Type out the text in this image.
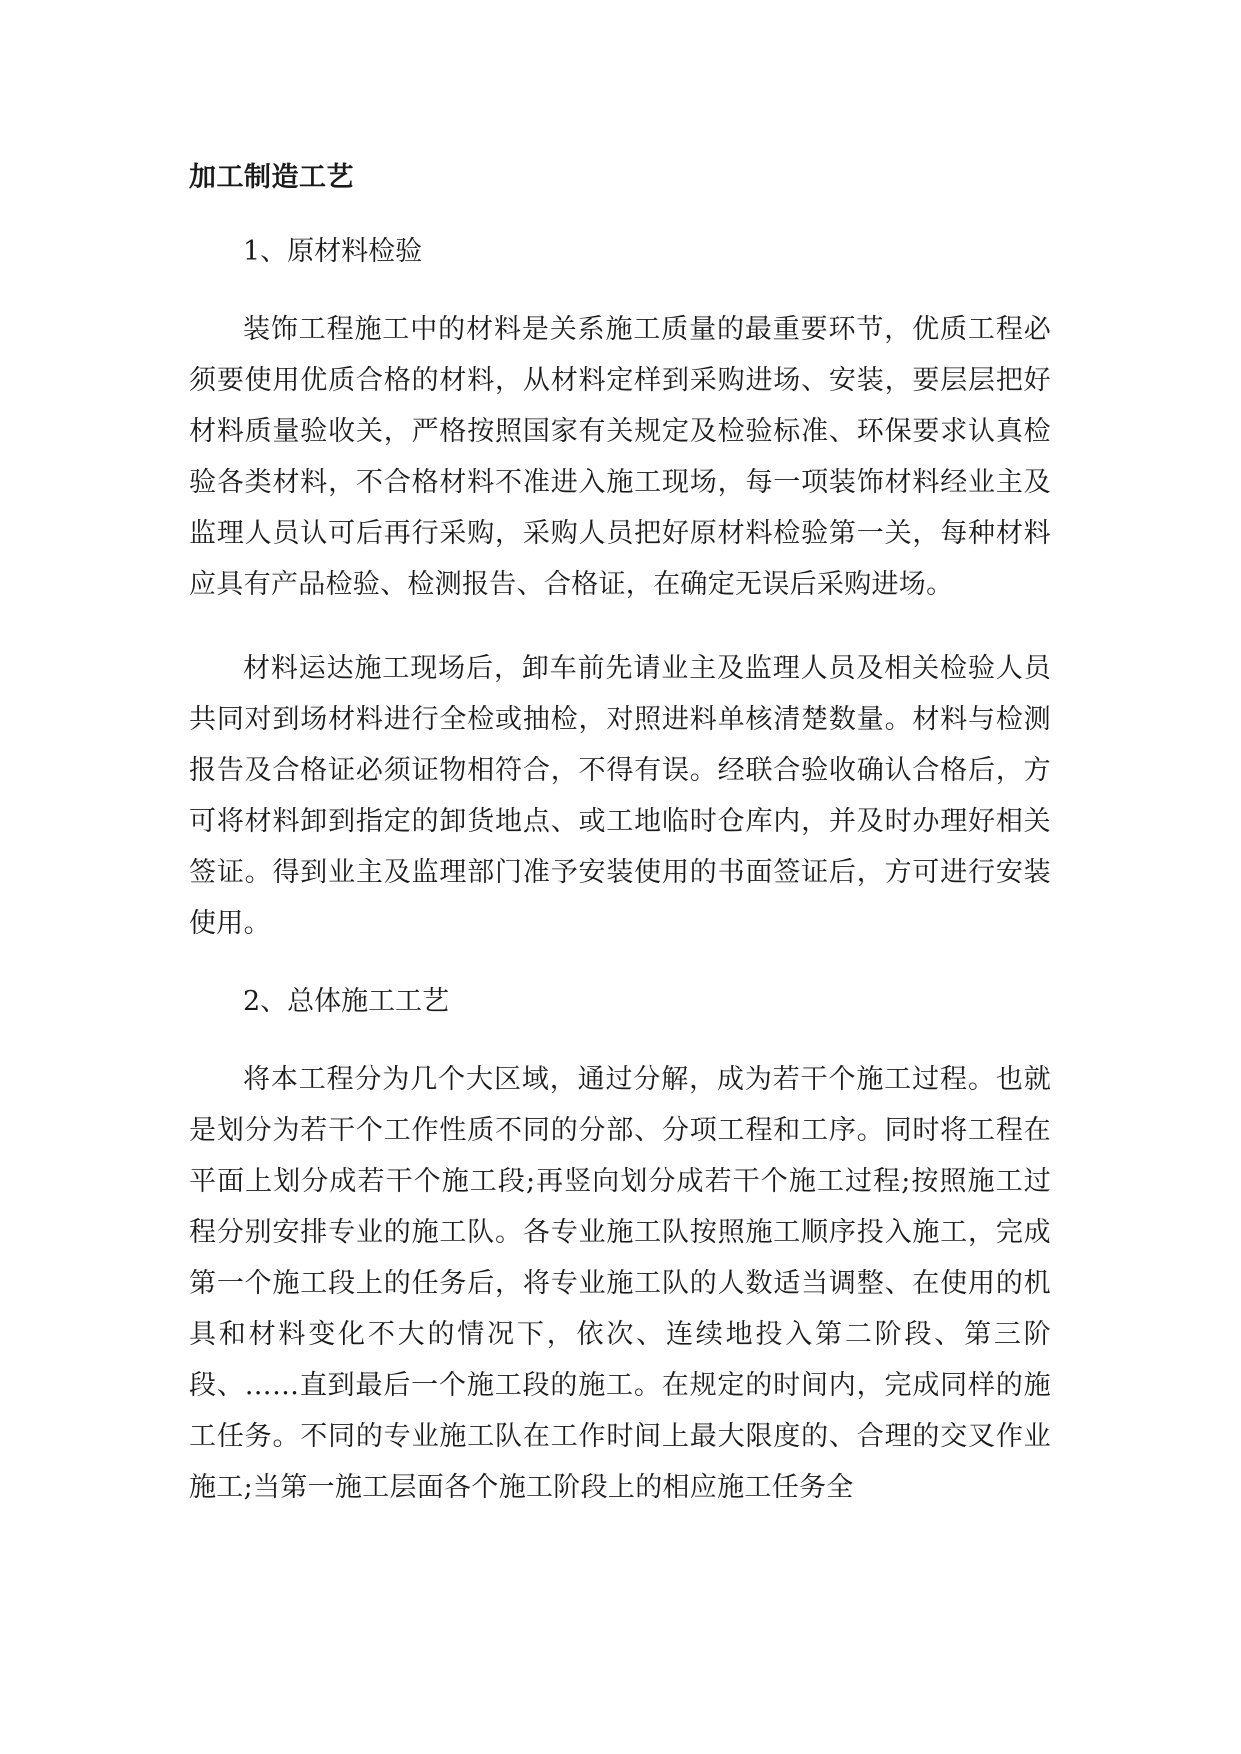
加工制造工艺
1、原材料检验

装饰工程施工中的材料是关系施工质量的最重要环节，优质工程必须要使用优质合格的材料，从材料定样到采购进场、安装，要层层把好材料质量验收关，严格按照国家有关规定及检验标准、环保要求认真检验各类材料，不合格材料不准进入施工现场，每一项装饰材料经业主及监理人员认可后再行采购，采购人员把好原材料检验第一关，每种材料应具有产品检验、检测报告、合格证，在确定无误后采购进场。

材料运达施工现场后，卸车前先请业主及监理人员及相关检验人员共同对到场材料进行全检或抽检，对照进料单核清楚数量。材料与检测报告及合格证必须证物相符合，不得有误。经联合验收确认合格后，方可将材料卸到指定的卸货地点、或工地临时仓库内，并及时办理好相关签证。得到业主及监理部门准予安装使用的书面签证后，方可进行安装使用。

2、总体施工工艺

将本工程分为几个大区域，通过分解，成为若干个施工过程。也就是划分为若干个工作性质不同的分部、分项工程和工序。同时将工程在平面上划分成若干个施工段;再竖向划分成若干个施工过程;按照施工过程分别安排专业的施工队。各专业施工队按照施工顺序投入施工，完成第一个施工段上的任务后，将专业施工队的人数适当调整、在使用的机具和材料变化不大的情况下，依次、连续地投入第二阶段、第三阶段、……直到最后一个施工段的施工。在规定的时间内，完成同样的施工任务。不同的专业施工队在工作时间上最大限度的、合理的交叉作业施工;当第一施工层面各个施工阶段上的相应施工任务全
